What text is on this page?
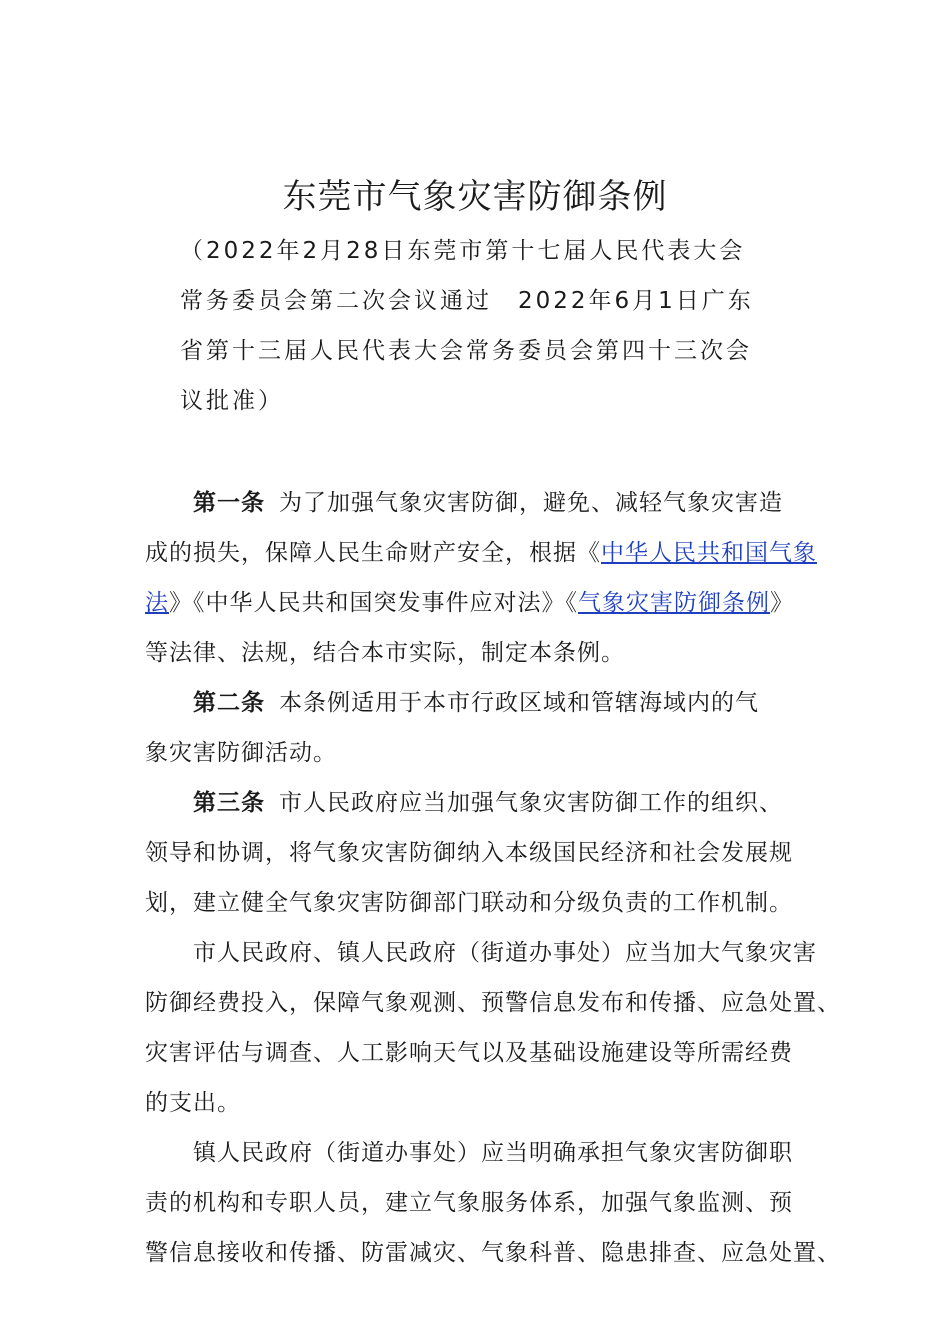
东莞市气象灾害防御条例
（2022年2月28日东莞市第十七届人民代表大会
常务委员会第二次会议通过　2022年6月1日广东
省第十三届人民代表大会常务委员会第四十三次会
议批准）
第一条 为了加强气象灾害防御，避免、减轻气象灾害造
成的损失，保障人民生命财产安全，根据《中华人民共和国气象
法》《中华人民共和国突发事件应对法》《气象灾害防御条例》
等法律、法规，结合本市实际，制定本条例。
第二条 本条例适用于本市行政区域和管辖海域内的气
象灾害防御活动。
第三条 市人民政府应当加强气象灾害防御工作的组织、
领导和协调，将气象灾害防御纳入本级国民经济和社会发展规
划，建立健全气象灾害防御部门联动和分级负责的工作机制。
市人民政府、镇人民政府（街道办事处）应当加大气象灾害
防御经费投入，保障气象观测、预警信息发布和传播、应急处置、
灾害评估与调查、人工影响天气以及基础设施建设等所需经费
的支出。
镇人民政府（街道办事处）应当明确承担气象灾害防御职
责的机构和专职人员，建立气象服务体系，加强气象监测、预
警信息接收和传播、防雷减灾、气象科普、隐患排查、应急处置、
